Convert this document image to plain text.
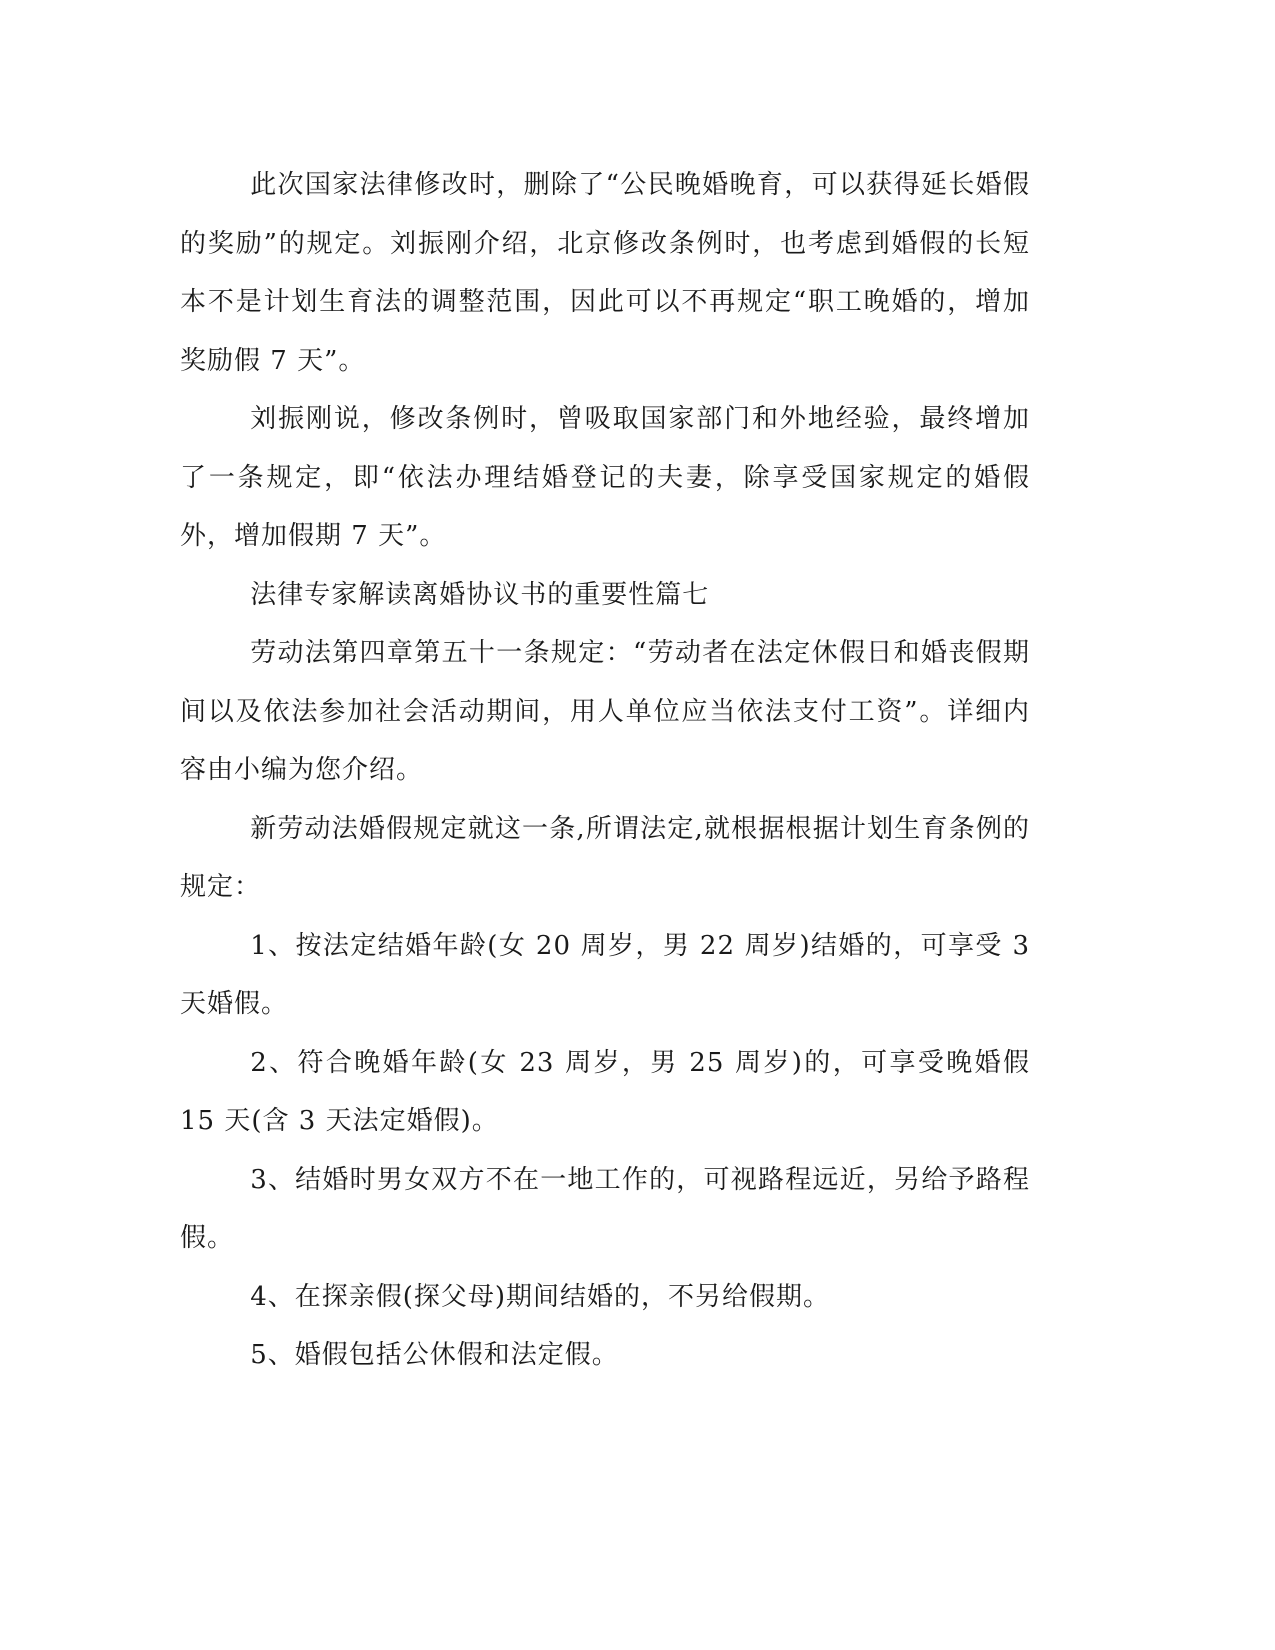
此次国家法律修改时，删除了“公民晚婚晚育，可以获得延长婚假的奖励”的规定。刘振刚介绍，北京修改条例时，也考虑到婚假的长短本不是计划生育法的调整范围，因此可以不再规定“职工晚婚的，增加奖励假 7 天”。

刘振刚说，修改条例时，曾吸取国家部门和外地经验，最终增加了一条规定，即“依法办理结婚登记的夫妻，除享受国家规定的婚假外，增加假期 7 天”。

法律专家解读离婚协议书的重要性篇七

劳动法第四章第五十一条规定：“劳动者在法定休假日和婚丧假期间以及依法参加社会活动期间，用人单位应当依法支付工资”。详细内容由小编为您介绍。

新劳动法婚假规定就这一条,所谓法定,就根据根据计划生育条例的规定：

1、按法定结婚年龄(女 20 周岁，男 22 周岁)结婚的，可享受 3 天婚假。

2、符合晚婚年龄(女 23 周岁，男 25 周岁)的，可享受晚婚假 15 天(含 3 天法定婚假)。

3、结婚时男女双方不在一地工作的，可视路程远近，另给予路程假。

4、在探亲假(探父母)期间结婚的，不另给假期。

5、婚假包括公休假和法定假。
